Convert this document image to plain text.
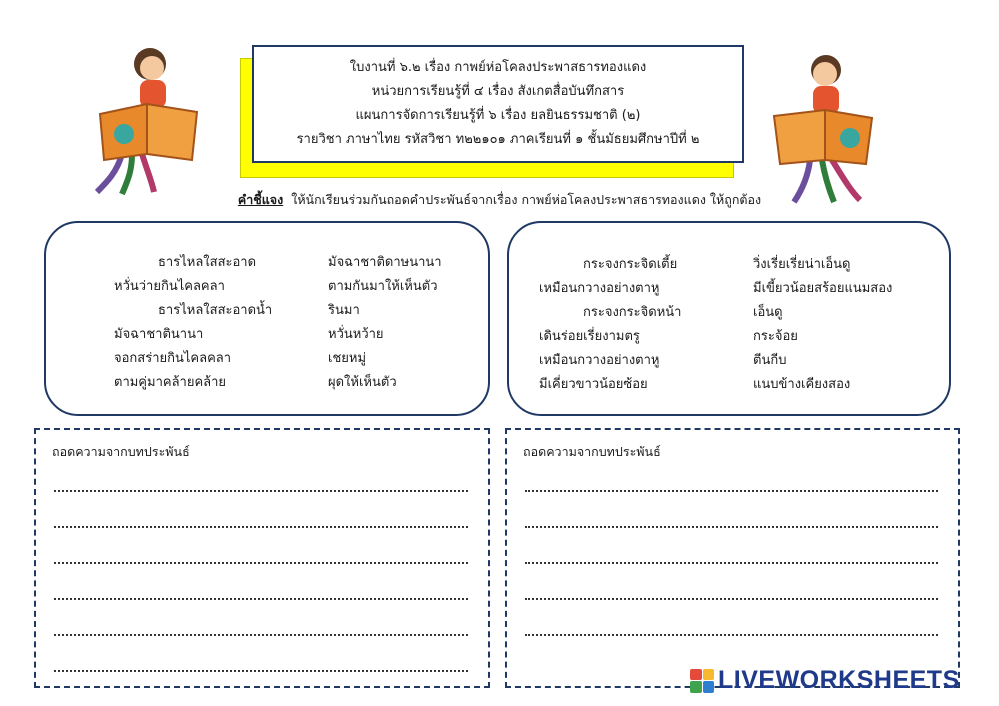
ใบงานที่ ๖.๒ เรื่อง กาพย์ห่อโคลงประพาสธารทองแดง
หน่วยการเรียนรู้ที่ ๔ เรื่อง สังเกตสื่อบันทึกสาร
แผนการจัดการเรียนรู้ที่ ๖ เรื่อง ยลยินธรรมชาติ (๒)
รายวิชา ภาษาไทย รหัสวิชา ท๒๒๑๐๑ ภาคเรียนที่ ๑ ชั้นมัธยมศึกษาปีที่ ๒
คำชี้แจง ให้นักเรียนร่วมกันถอดคำประพันธ์จากเรื่อง กาพย์ห่อโคลงประพาสธารทองแดง ให้ถูกต้อง
ธารไหลใสสะอาด
หวั่นว่ายกินไคลคลา
ธารไหลใสสะอาดน้ำ
มัจฉาชาตินานา
จอกสร่ายกินไคลคลา
ตามคู่มาคล้ายคล้าย
มัจฉาชาติดาษนานา
ตามกันมาให้เห็นตัว
รินมา
หวั่นหว้าย
เชยหมู่
ผุดให้เห็นตัว
กระจงกระจิดเตี้ย
เหมือนกวางอย่างตาหู
กระจงกระจิดหน้า
เดินร่อยเรี่ยงามตรู
เหมือนกวางอย่างตาหู
มีเคี่ยวขาวน้อยซ้อย
วิ่งเรี่ยเรี่ยน่าเอ็นดู
มีเขี้ยวน้อยสร้อยแนมสอง
เอ็นดู
กระจ้อย
ตีนกีบ
แนบข้างเคียงสอง
ถอดความจากบทประพันธ์	ถอดความจากบทประพันธ์
LIVEWORKSHEETS
